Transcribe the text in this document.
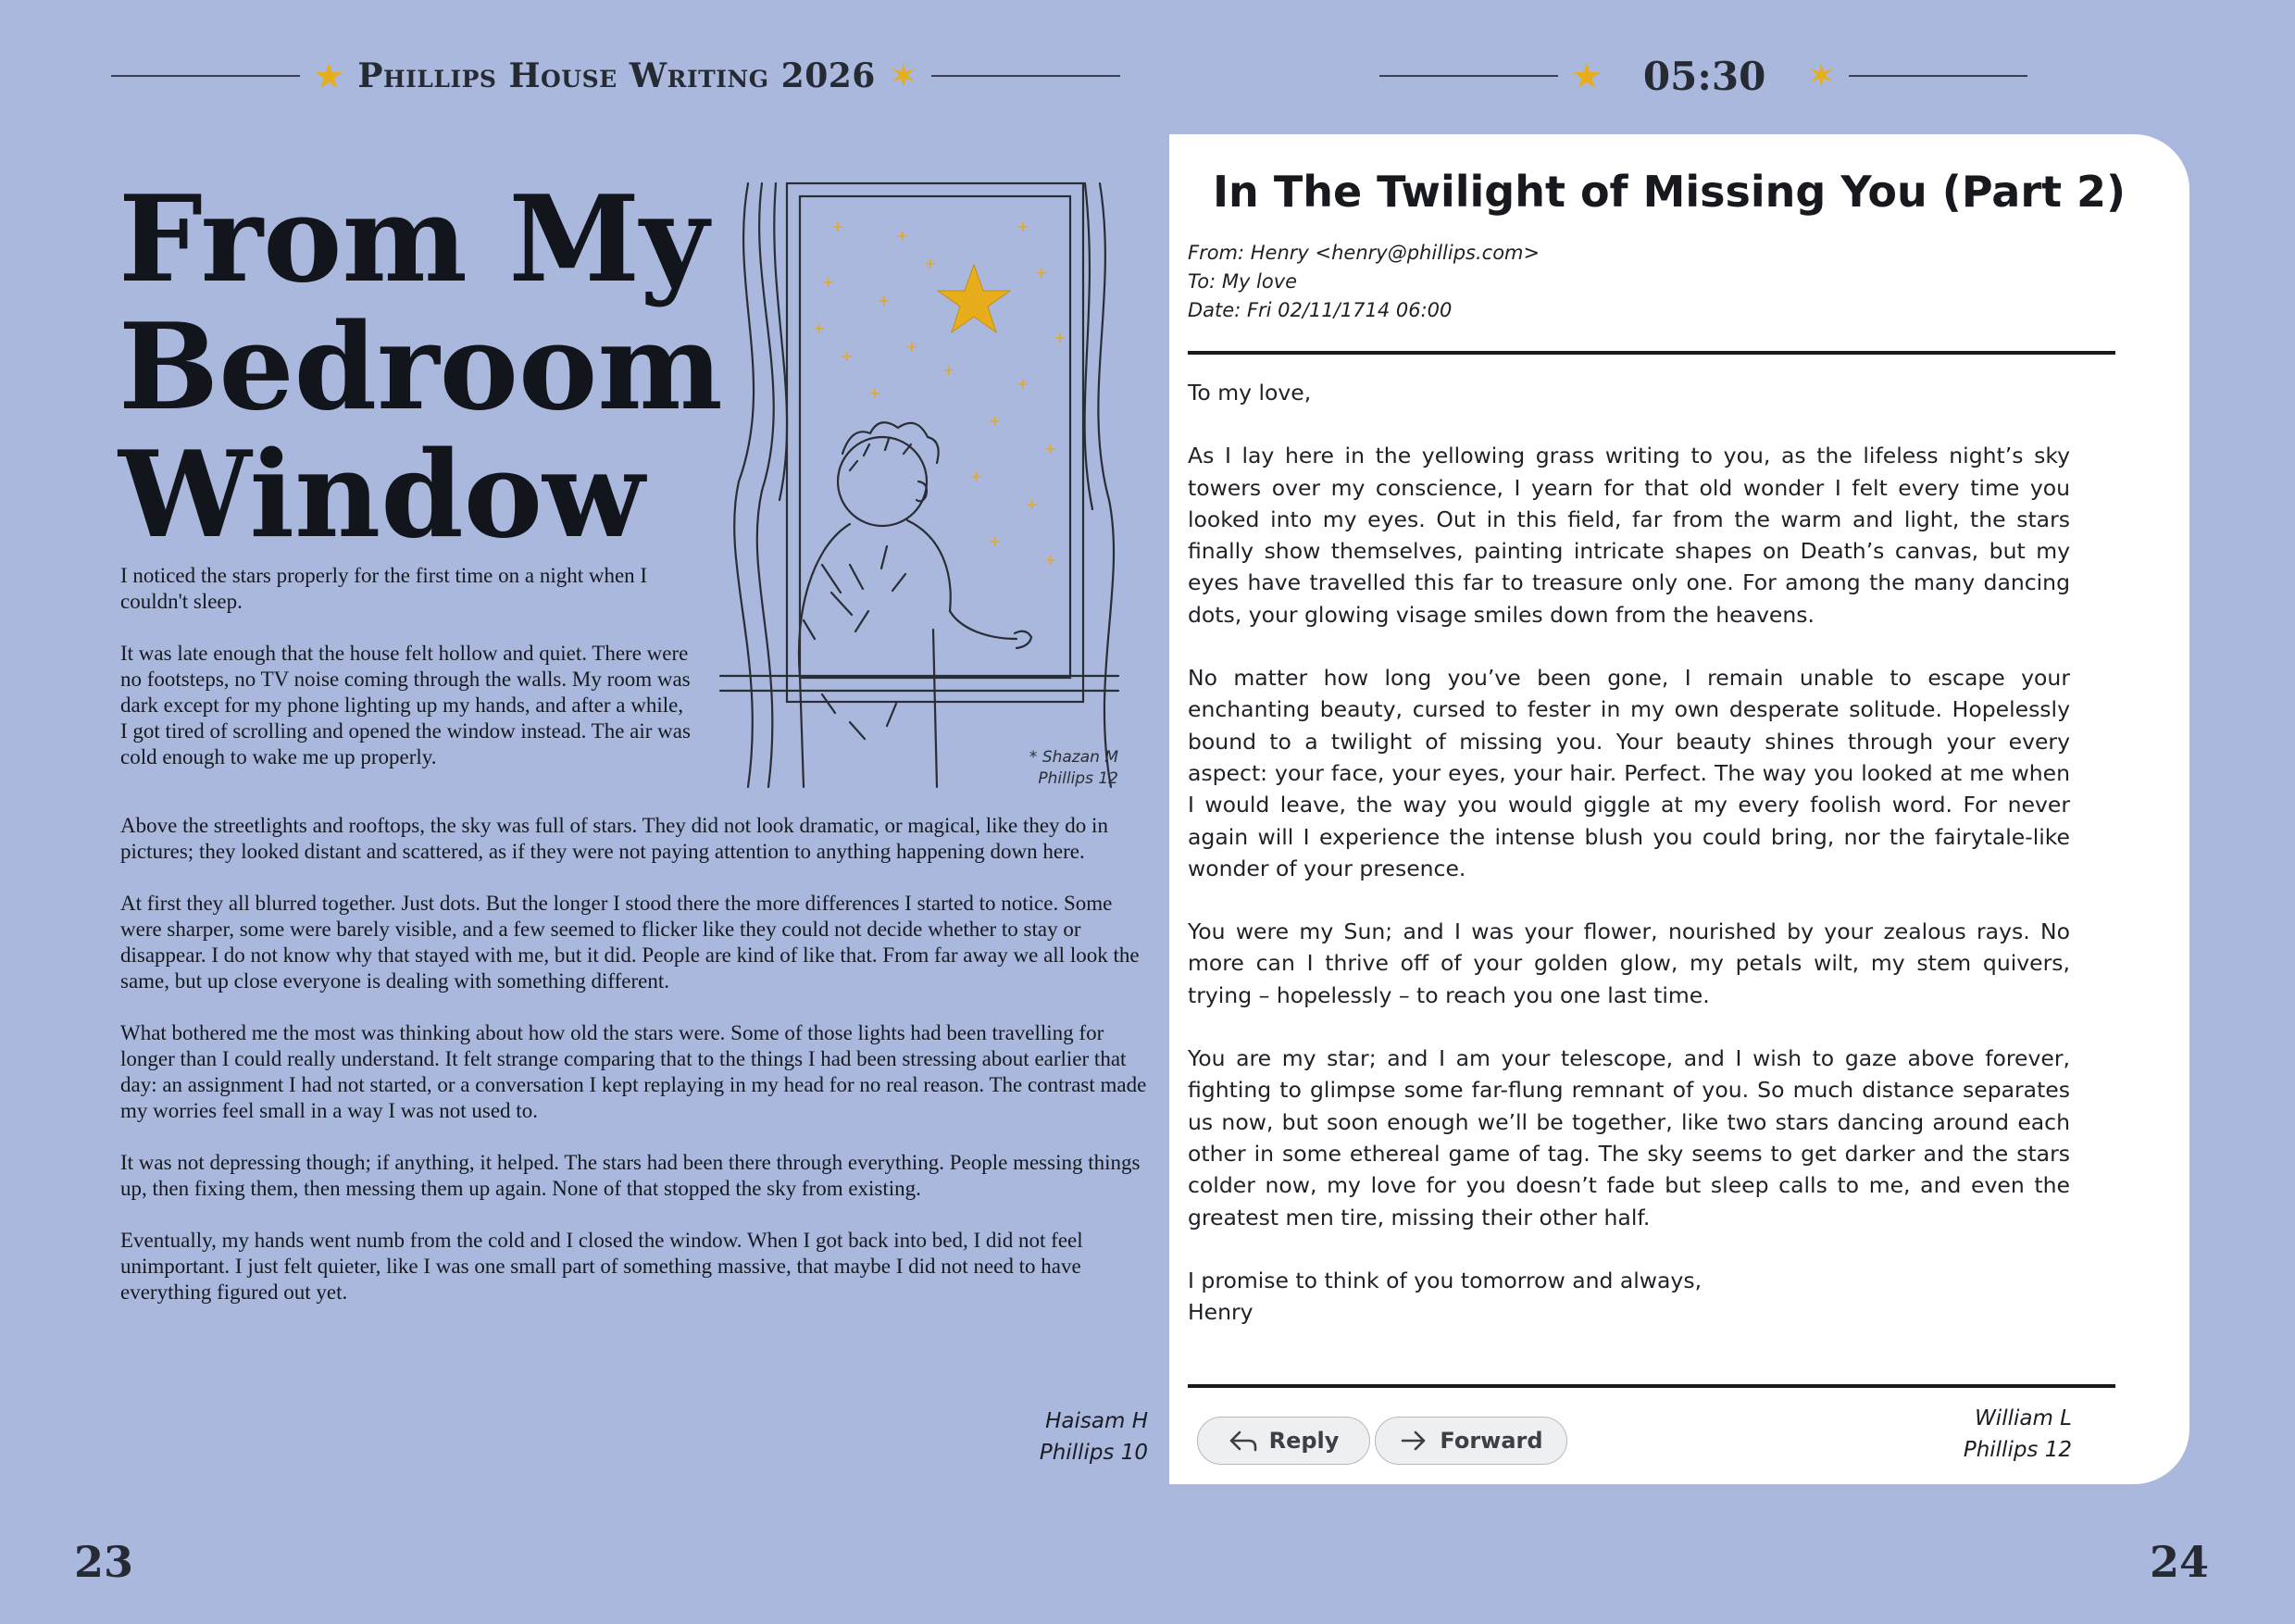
★ Phillips House Writing 2026 ✶	★ 05:30 ✶
From My
Bedroom
Window
+
+
+
+
+
+
+
+
+
+
+
+
+
+
+
+
+
+
+
+
* Shazan M
Phillips 12

I noticed the stars properly for the first time on a night when I couldn't sleep.

It was late enough that the house felt hollow and quiet. There were no footsteps, no TV noise coming through the walls. My room was dark except for my phone lighting up my hands, and after a while, I got tired of scrolling and opened the window instead. The air was cold enough to wake me up properly.

Above the streetlights and rooftops, the sky was full of stars. They did not look dramatic, or magical, like they do in pictures; they looked distant and scattered, as if they were not paying attention to anything happening down here.

At first they all blurred together. Just dots. But the longer I stood there the more differences I started to notice. Some were sharper, some were barely visible, and a few seemed to flicker like they could not decide whether to stay or disappear. I do not know why that stayed with me, but it did. People are kind of like that. From far away we all look the same, but up close everyone is dealing with something different.

What bothered me the most was thinking about how old the stars were. Some of those lights had been travelling for longer than I could really understand. It felt strange comparing that to the things I had been stressing about earlier that day: an assignment I had not started, or a conversation I kept replaying in my head for no real reason. The contrast made my worries feel small in a way I was not used to.

It was not depressing though; if anything, it helped. The stars had been there through everything. People messing things up, then fixing them, then messing them up again. None of that stopped the sky from existing.

Eventually, my hands went numb from the cold and I closed the window. When I got back into bed, I did not feel unimportant. I just felt quieter, like I was one small part of something massive, that maybe I did not need to have everything figured out yet.

Haisam H
Phillips 10
23
In The Twilight of Missing You (Part 2)
From: Henry <henry@phillips.com>
To: My love
Date: Fri 02/11/1714 06:00

To my love,

As I lay here in the yellowing grass writing to you, as the lifeless night’s sky towers over my conscience, I yearn for that old wonder I felt every time you looked into my eyes. Out in this field, far from the warm and light, the stars finally show themselves, painting intricate shapes on Death’s canvas, but my eyes have travelled this far to treasure only one. For among the many dancing dots, your glowing visage smiles down from the heavens.

No matter how long you’ve been gone, I remain unable to escape your enchanting beauty, cursed to fester in my own desperate solitude. Hopelessly bound to a twilight of missing you. Your beauty shines through your every aspect: your face, your eyes, your hair. Perfect. The way you looked at me when I would leave, the way you would giggle at my every foolish word. For never again will I experience the intense blush you could bring, nor the fairytale-like wonder of your presence.

You were my Sun; and I was your flower, nourished by your zealous rays. No more can I thrive off of your golden glow, my petals wilt, my stem quivers, trying – hopelessly – to reach you one last time.

You are my star; and I am your telescope, and I wish to gaze above forever, fighting to glimpse some far-flung remnant of you. So much distance separates us now, but soon enough we’ll be together, like two stars dancing around each other in some ethereal game of tag. The sky seems to get darker and the stars colder now, my love for you doesn’t fade but sleep calls to me, and even the greatest men tire, missing their other half.

I promise to think of you tomorrow and always,
Henry
Reply	Forward
William L
Phillips 12
24
